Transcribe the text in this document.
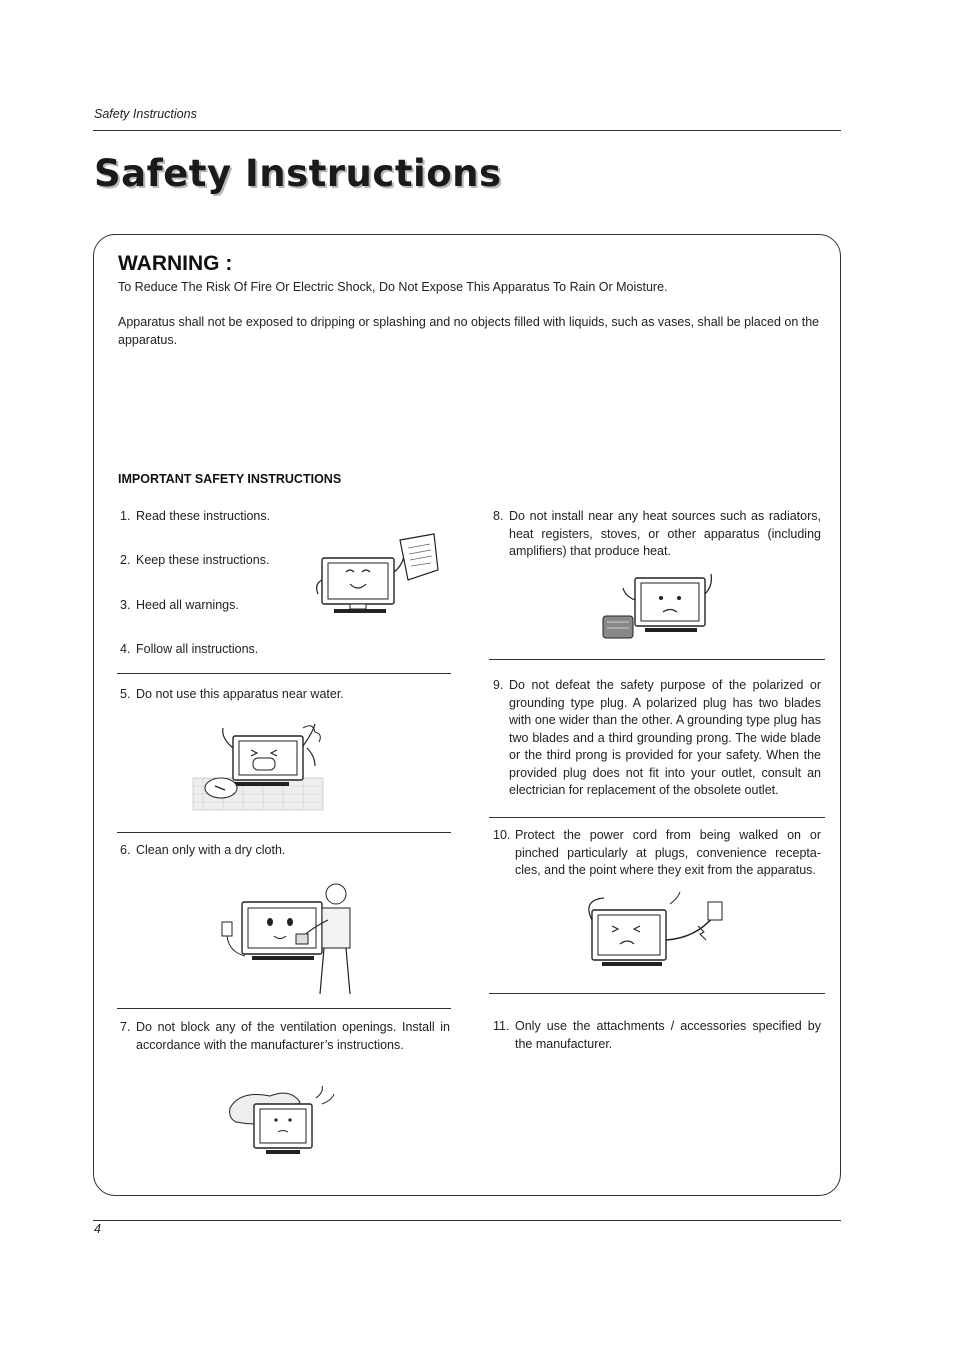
Safety Instructions
Safety Instructions
WARNING :
To Reduce The Risk Of Fire Or Electric Shock, Do Not Expose This Apparatus To Rain Or Moisture.
Apparatus shall not be exposed to dripping or splashing and no objects filled with liquids, such as vases, shall be placed on the apparatus.
IMPORTANT SAFETY INSTRUCTIONS
1. Read these instructions.
2. Keep these instructions.
3. Heed all warnings.
4. Follow all instructions.
5. Do not use this apparatus near water.
6. Clean only with a dry cloth.
7. Do not block any of the ventilation openings. Install in accordance with the manufacturer’s instructions.
8. Do not install near any heat sources such as radiators, heat registers, stoves, or other apparatus (including amplifiers) that produce heat.
9. Do not defeat the safety purpose of the polarized or grounding type plug. A polarized plug has two blades with one wider than the other. A grounding type plug has two blades and a third grounding prong. The wide blade or the third prong is provided for your safety. When the provided plug does not fit into your outlet, consult an electrician for replacement of the obsolete outlet.
10. Protect the power cord from being walked on or pinched particularly at plugs, convenience recepta-cles, and the point where they exit from the apparatus.
11. Only use the attachments / accessories specified by the manufacturer.
4
